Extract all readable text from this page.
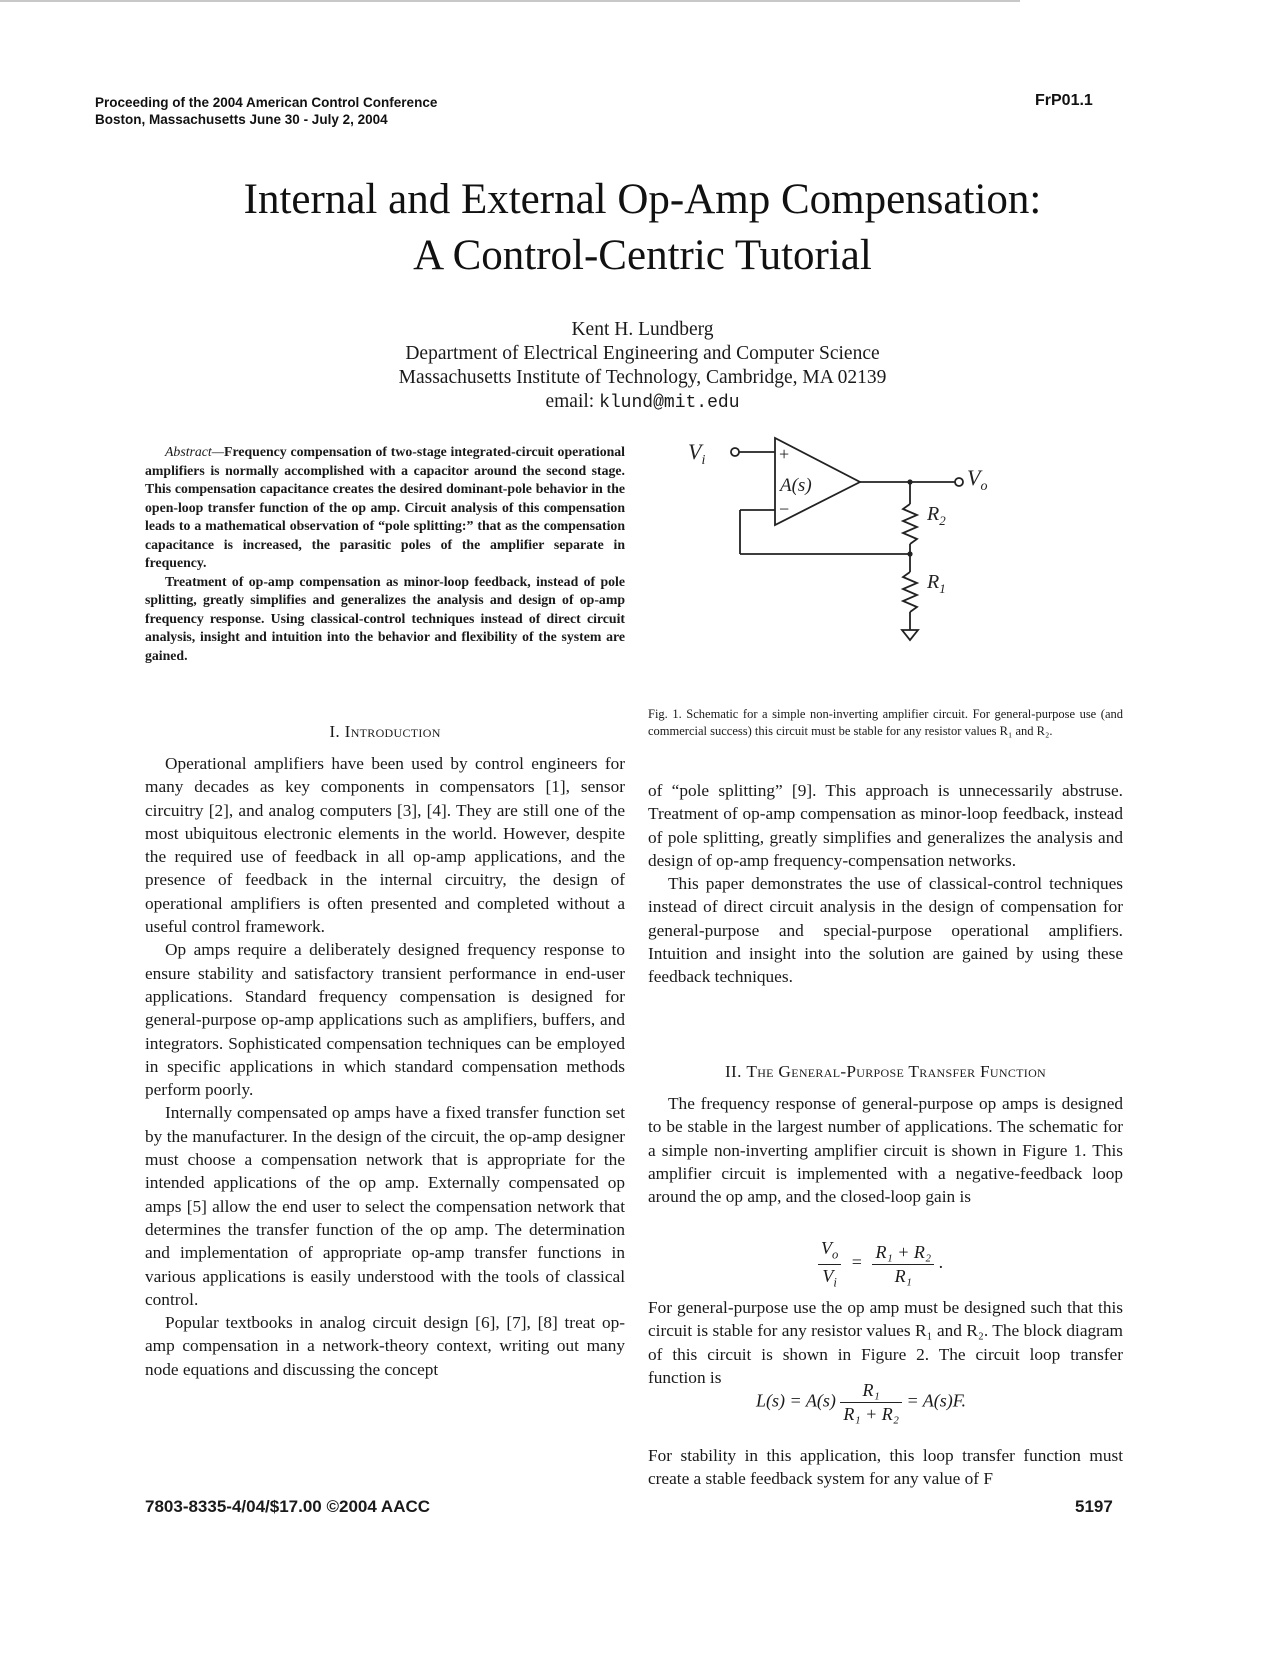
Proceeding of the 2004 American Control Conference
Boston, Massachusetts June 30 - July 2, 2004
FrP01.1
Internal and External Op-Amp Compensation:
A Control-Centric Tutorial
Kent H. Lundberg
Department of Electrical Engineering and Computer Science
Massachusetts Institute of Technology, Cambridge, MA 02139
email: klund@mit.edu

Abstract—Frequency compensation of two-stage integrated-circuit operational amplifiers is normally accomplished with a capacitor around the second stage. This compensation capacitance creates the desired dominant-pole behavior in the open-loop transfer function of the op amp. Circuit analysis of this compensation leads to a mathematical observation of “pole splitting:” that as the compensation capacitance is increased, the parasitic poles of the amplifier separate in frequency.

Treatment of op-amp compensation as minor-loop feedback, instead of pole splitting, greatly simplifies and generalizes the analysis and design of op-amp frequency response. Using classical-control techniques instead of direct circuit analysis, insight and intuition into the behavior and flexibility of the system are gained.

I. Introduction

Operational amplifiers have been used by control engineers for many decades as key components in compensators [1], sensor circuitry [2], and analog computers [3], [4]. They are still one of the most ubiquitous electronic elements in the world. However, despite the required use of feedback in all op-amp applications, and the presence of feedback in the internal circuitry, the design of operational amplifiers is often presented and completed without a useful control framework.

Op amps require a deliberately designed frequency response to ensure stability and satisfactory transient performance in end-user applications. Standard frequency compensation is designed for general-purpose op-amp applications such as amplifiers, buffers, and integrators. Sophisticated compensation techniques can be employed in specific applications in which standard compensation methods perform poorly.

Internally compensated op amps have a fixed transfer function set by the manufacturer. In the design of the circuit, the op-amp designer must choose a compensation network that is appropriate for the intended applications of the op amp. Externally compensated op amps [5] allow the end user to select the compensation network that determines the transfer function of the op amp. The determination and implementation of appropriate op-amp transfer functions in various applications is easily understood with the tools of classical control.

Popular textbooks in analog circuit design [6], [7], [8] treat op-amp compensation in a network-theory context, writing out many node equations and discussing the concept

$V_i$
$V_o$
A(s)
$R_2$
$R_1$
+
−
Fig. 1. Schematic for a simple non-inverting amplifier circuit. For general-purpose use (and commercial success) this circuit must be stable for any resistor values R₁ and R₂.

of “pole splitting” [9]. This approach is unnecessarily abstruse. Treatment of op-amp compensation as minor-loop feedback, instead of pole splitting, greatly simplifies and generalizes the analysis and design of op-amp frequency-compensation networks.

This paper demonstrates the use of classical-control techniques instead of direct circuit analysis in the design of compensation for general-purpose and special-purpose operational amplifiers. Intuition and insight into the solution are gained by using these feedback techniques.

II. The General-Purpose Transfer Function

The frequency response of general-purpose op amps is designed to be stable in the largest number of applications. The schematic for a simple non-inverting amplifier circuit is shown in Figure 1. This amplifier circuit is implemented with a negative-feedback loop around the op amp, and the closed-loop gain is

$\frac{V_o}{V_i} = \frac{\text{R₁ + R₂}}{\text{R₁}}$ .

For general-purpose use the op amp must be designed such that this circuit is stable for any resistor values R₁ and R₂. The block diagram of this circuit is shown in Figure 2. The circuit loop transfer function is

$L(s) = A(s) \frac{\text{R₁}}{\text{R₁ + R₂}} = A(s)F$.

For stability in this application, this loop transfer function must create a stable feedback system for any value of F

7803-8335-4/04/$17.00 ©2004 AACC	5197
